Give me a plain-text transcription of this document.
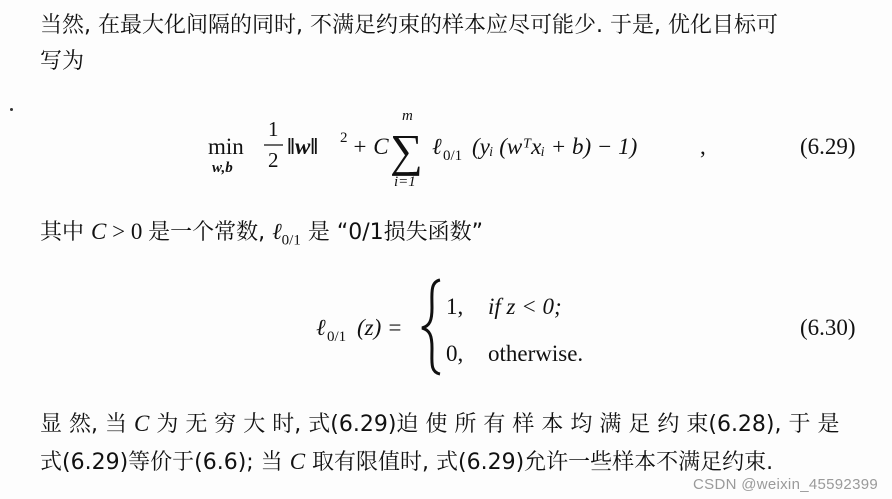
当然, 在最大化间隔的同时, 不满足约束的样本应尽可能少. 于是, 优化目标可
写为
min
w,b
1
2
‖w‖ 2 + C
m
∑
i=1
ℓ 0/1 (yᵢ (wᵀxᵢ + b) − 1)	,	(6.29)
其中 C > 0 是一个常数, ℓ$_{0/1}$ 是 “0/1损失函数”
ℓ 0/1 (z) =
1, if z < 0;
0, otherwise.
(6.30)
显 然, 当 C 为 无 穷 大 时, 式(6.29)迫 使 所 有 样 本 均 满 足 约 束(6.28), 于 是
式(6.29)等价于(6.6); 当 C 取有限值时, 式(6.29)允许一些样本不满足约束.
CSDN @weixin_45592399
